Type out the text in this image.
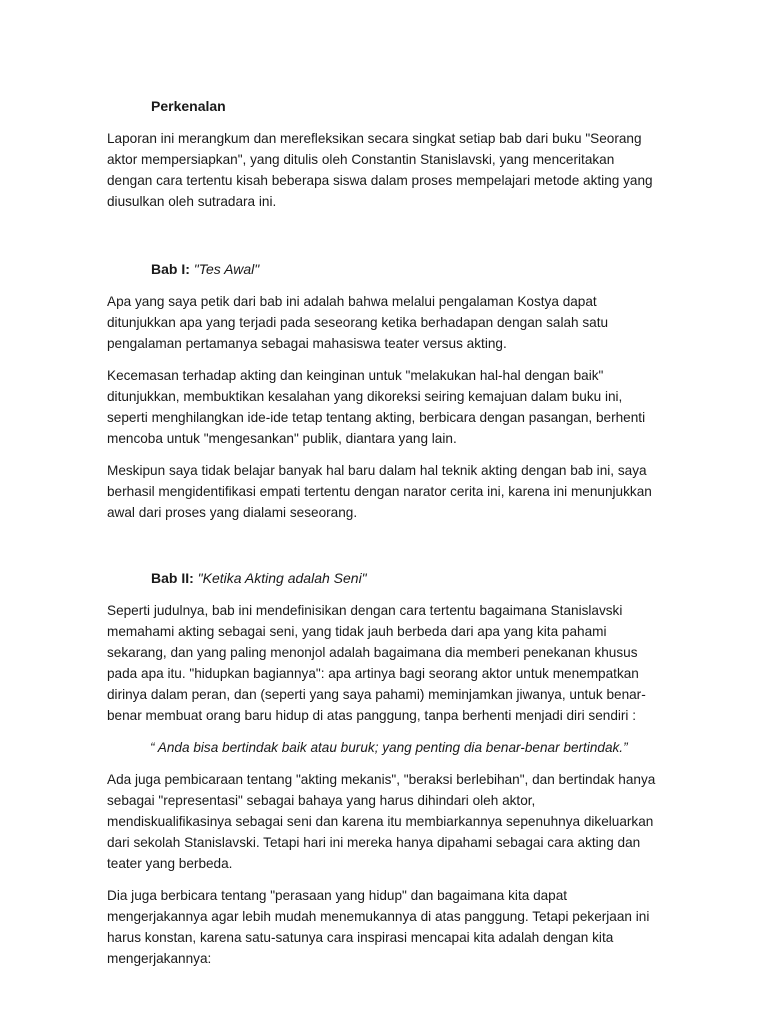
Perkenalan

Laporan ini merangkum dan merefleksikan secara singkat setiap bab dari buku "Seorang aktor mempersiapkan", yang ditulis oleh Constantin Stanislavski, yang menceritakan dengan cara tertentu kisah beberapa siswa dalam proses mempelajari metode akting yang diusulkan oleh sutradara ini.

Bab I: "Tes Awal"

Apa yang saya petik dari bab ini adalah bahwa melalui pengalaman Kostya dapat ditunjukkan apa yang terjadi pada seseorang ketika berhadapan dengan salah satu pengalaman pertamanya sebagai mahasiswa teater versus akting.

Kecemasan terhadap akting dan keinginan untuk "melakukan hal-hal dengan baik" ditunjukkan, membuktikan kesalahan yang dikoreksi seiring kemajuan dalam buku ini, seperti menghilangkan ide-ide tetap tentang akting, berbicara dengan pasangan, berhenti mencoba untuk "mengesankan" publik, diantara yang lain.

Meskipun saya tidak belajar banyak hal baru dalam hal teknik akting dengan bab ini, saya berhasil mengidentifikasi empati tertentu dengan narator cerita ini, karena ini menunjukkan awal dari proses yang dialami seseorang.

Bab II: "Ketika Akting adalah Seni"

Seperti judulnya, bab ini mendefinisikan dengan cara tertentu bagaimana Stanislavski memahami akting sebagai seni, yang tidak jauh berbeda dari apa yang kita pahami sekarang, dan yang paling menonjol adalah bagaimana dia memberi penekanan khusus pada apa itu. "hidupkan bagiannya": apa artinya bagi seorang aktor untuk menempatkan dirinya dalam peran, dan (seperti yang saya pahami) meminjamkan jiwanya, untuk benar-benar membuat orang baru hidup di atas panggung, tanpa berhenti menjadi diri sendiri :

“ Anda bisa bertindak baik atau buruk; yang penting dia benar-benar bertindak.”

Ada juga pembicaraan tentang "akting mekanis", "beraksi berlebihan", dan bertindak hanya sebagai "representasi" sebagai bahaya yang harus dihindari oleh aktor, mendiskualifikasinya sebagai seni dan karena itu membiarkannya sepenuhnya dikeluarkan dari sekolah Stanislavski. Tetapi hari ini mereka hanya dipahami sebagai cara akting dan teater yang berbeda.

Dia juga berbicara tentang "perasaan yang hidup" dan bagaimana kita dapat mengerjakannya agar lebih mudah menemukannya di atas panggung. Tetapi pekerjaan ini harus konstan, karena satu-satunya cara inspirasi mencapai kita adalah dengan kita mengerjakannya:
